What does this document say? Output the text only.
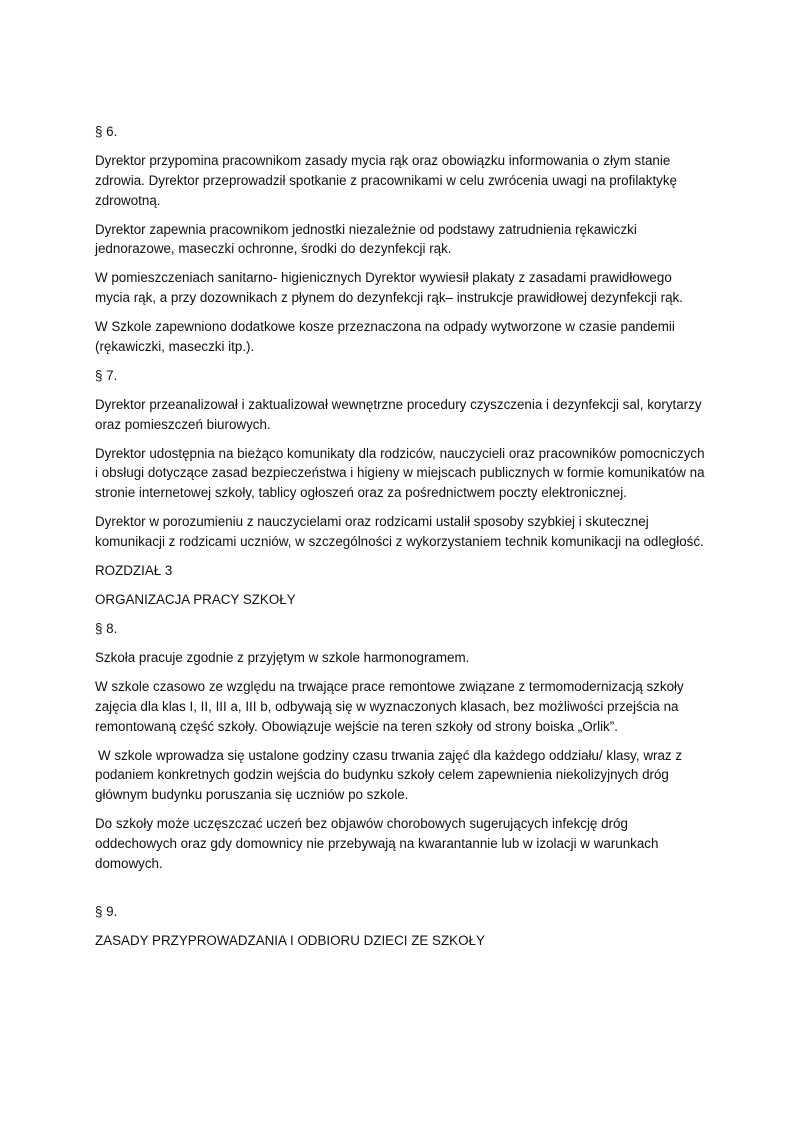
§ 6.

Dyrektor przypomina pracownikom zasady mycia rąk oraz obowiązku informowania o złym stanie zdrowia. Dyrektor przeprowadził spotkanie z pracownikami w celu zwrócenia uwagi na profilaktykę zdrowotną.

Dyrektor zapewnia pracownikom jednostki niezależnie od podstawy zatrudnienia rękawiczki jednorazowe, maseczki ochronne, środki do dezynfekcji rąk.

W pomieszczeniach sanitarno- higienicznych Dyrektor wywiesił plakaty z zasadami prawidłowego mycia rąk, a przy dozownikach z płynem do dezynfekcji rąk– instrukcje prawidłowej dezynfekcji rąk.

W Szkole zapewniono dodatkowe kosze przeznaczona na odpady wytworzone w czasie pandemii (rękawiczki, maseczki itp.).

§ 7.

Dyrektor przeanalizował i zaktualizował wewnętrzne procedury czyszczenia i dezynfekcji sal, korytarzy oraz pomieszczeń biurowych.

Dyrektor udostępnia na bieżąco komunikaty dla rodziców, nauczycieli oraz pracowników pomocniczych i obsługi dotyczące zasad bezpieczeństwa i higieny w miejscach publicznych w formie komunikatów na stronie internetowej szkoły, tablicy ogłoszeń oraz za pośrednictwem poczty elektronicznej.

Dyrektor w porozumieniu z nauczycielami oraz rodzicami ustalił sposoby szybkiej i skutecznej komunikacji z rodzicami uczniów, w szczególności z wykorzystaniem technik komunikacji na odległość.

ROZDZIAŁ 3

ORGANIZACJA PRACY SZKOŁY

§ 8.

Szkoła pracuje zgodnie z przyjętym w szkole harmonogramem.

W szkole czasowo ze względu na trwające prace remontowe związane z termomodernizacją szkoły zajęcia dla klas I, II, III a, III b, odbywają się w wyznaczonych klasach, bez możliwości przejścia na remontowaną część szkoły. Obowiązuje wejście na teren szkoły od strony boiska „Orlik”.

W szkole wprowadza się ustalone godziny czasu trwania zajęć dla każdego oddziału/ klasy, wraz z podaniem konkretnych godzin wejścia do budynku szkoły celem zapewnienia niekolizyjnych dróg głównym budynku poruszania się uczniów po szkole.

Do szkoły może uczęszczać uczeń bez objawów chorobowych sugerujących infekcję dróg oddechowych oraz gdy domownicy nie przebywają na kwarantannie lub w izolacji w warunkach domowych.

§ 9.

ZASADY PRZYPROWADZANIA I ODBIORU DZIECI ZE SZKOŁY
